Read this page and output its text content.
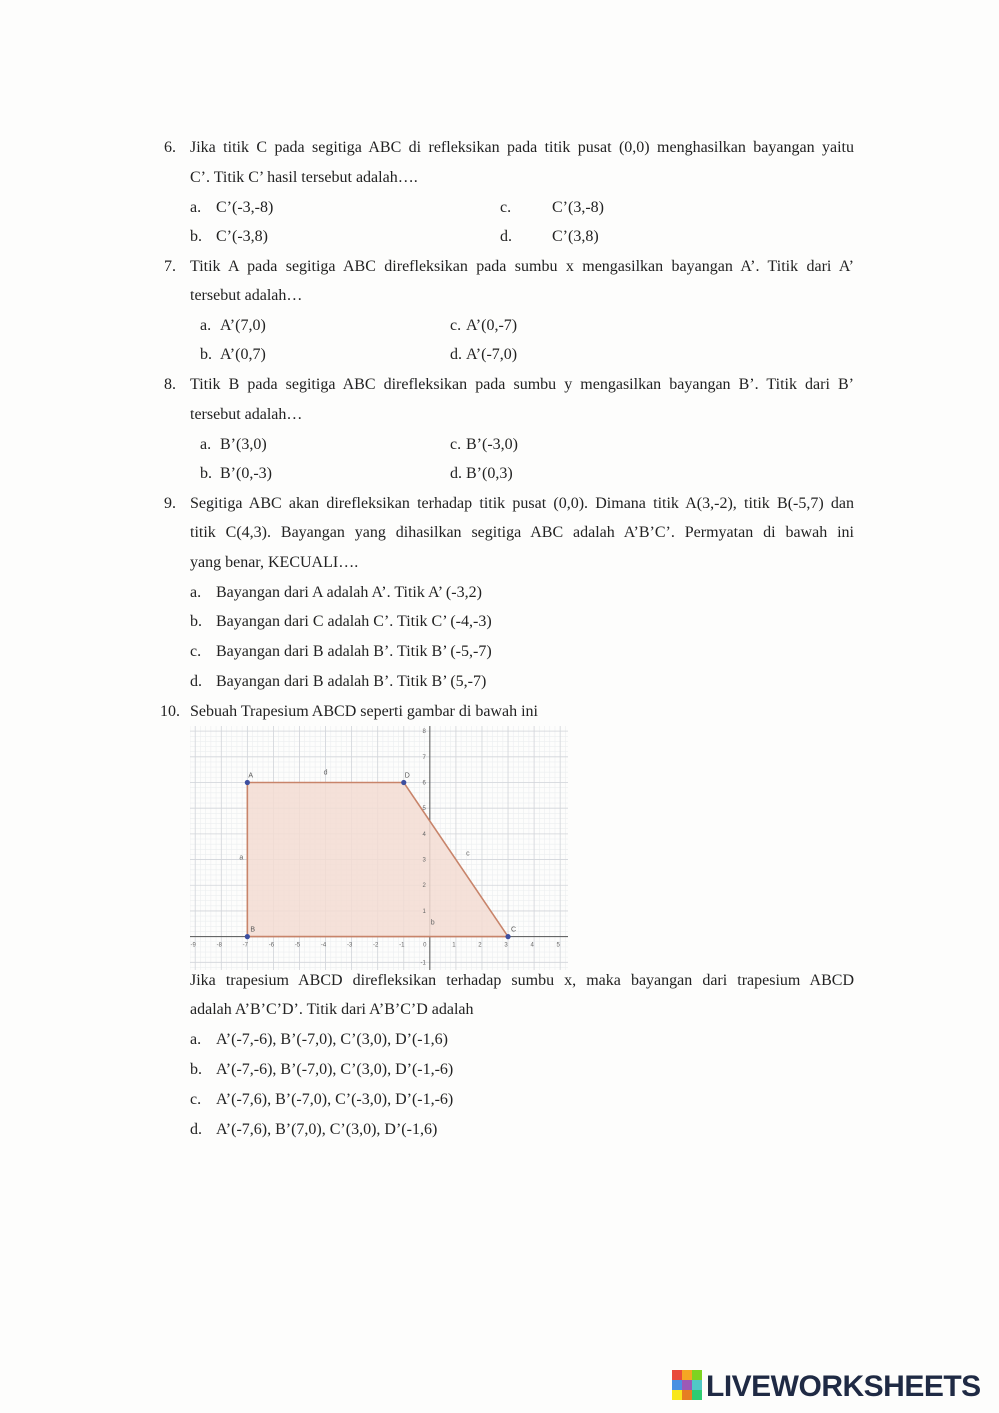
6. Jika titik C pada segitiga ABC di refleksikan pada titik pusat (0,0) menghasilkan bayangan yaitu
C’. Titik C’ hasil tersebut adalah….
a. C’(-3,-8)	c.	C’(3,-8)
b. C’(-3,8)	d.	C’(3,8)
7. Titik A pada segitiga ABC direfleksikan pada sumbu x mengasilkan bayangan A’. Titik dari A’
tersebut adalah…
a. A’(7,0)	c. A’(0,-7)
b. A’(0,7)	d. A’(-7,0)
8. Titik B pada segitiga ABC direfleksikan pada sumbu y mengasilkan bayangan B’. Titik dari B’
tersebut adalah…
a. B’(3,0)	c. B’(-3,0)
b. B’(0,-3)	d. B’(0,3)
9. Segitiga ABC akan direfleksikan terhadap titik pusat (0,0). Dimana titik A(3,-2), titik B(-5,7) dan
titik C(4,3). Bayangan yang dihasilkan segitiga ABC adalah A’B’C’. Permyatan di bawah ini
yang benar, KECUALI….
a. Bayangan dari A adalah A’. Titik A’ (-3,2)
b. Bayangan dari C adalah C’. Titik C’ (-4,-3)
c. Bayangan dari B adalah B’. Titik B’ (-5,-7)
d. Bayangan dari B adalah B’. Titik B’ (5,-7)
10. Sebuah Trapesium ABCD seperti gambar di bawah ini
-9	-8	-7	-6	-5	-4	-3	-2	-1	0	1	2	3	4	5
-1
1
2
3
4
5
6
7
8
a
b
c
d
A
B	C
D
Jika trapesium ABCD direfleksikan terhadap sumbu x, maka bayangan dari trapesium ABCD
adalah A’B’C’D’. Titik dari A’B’C’D adalah
a. A’(-7,-6), B’(-7,0), C’(3,0), D’(-1,6)
b. A’(-7,-6), B’(-7,0), C’(3,0), D’(-1,-6)
c. A’(-7,6), B’(-7,0), C’(-3,0), D’(-1,-6)
d. A’(-7,6), B’(7,0), C’(3,0), D’(-1,6)
LIVEWORKSHEETS
